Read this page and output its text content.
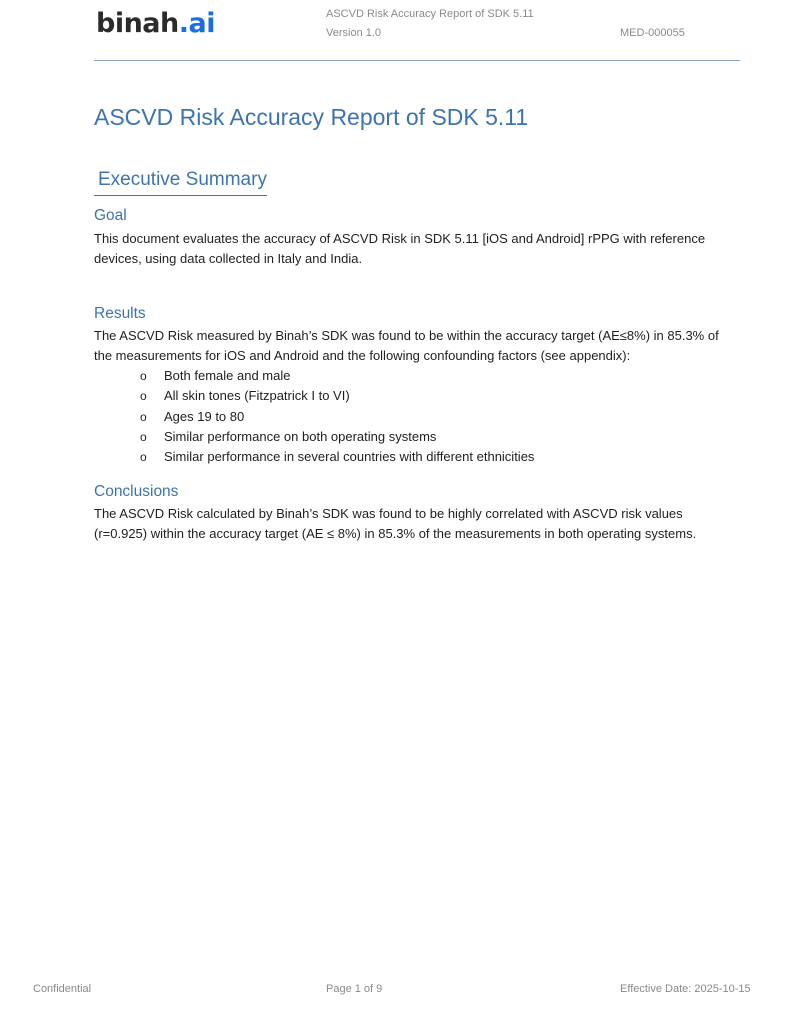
binah.ai	ASCVD Risk Accuracy Report of SDK 5.11
Version 1.0	MED-000055
ASCVD Risk Accuracy Report of SDK 5.11
Executive Summary
Goal

This document evaluates the accuracy of ASCVD Risk in SDK 5.11 [iOS and Android] rPPG with reference devices, using data collected in Italy and India.

Results

The ASCVD Risk measured by Binah’s SDK was found to be within the accuracy target (AE≤8%) in 85.3% of the measurements for iOS and Android and the following confounding factors (see appendix):

o Both female and male
o All skin tones (Fitzpatrick I to VI)
o Ages 19 to 80
o Similar performance on both operating systems
o Similar performance in several countries with different ethnicities
Conclusions

The ASCVD Risk calculated by Binah’s SDK was found to be highly correlated with ASCVD risk values (r=0.925) within the accuracy target (AE ≤ 8%) in 85.3% of the measurements in both operating systems.

Confidential	Page 1 of 9	Effective Date: 2025-10-15
